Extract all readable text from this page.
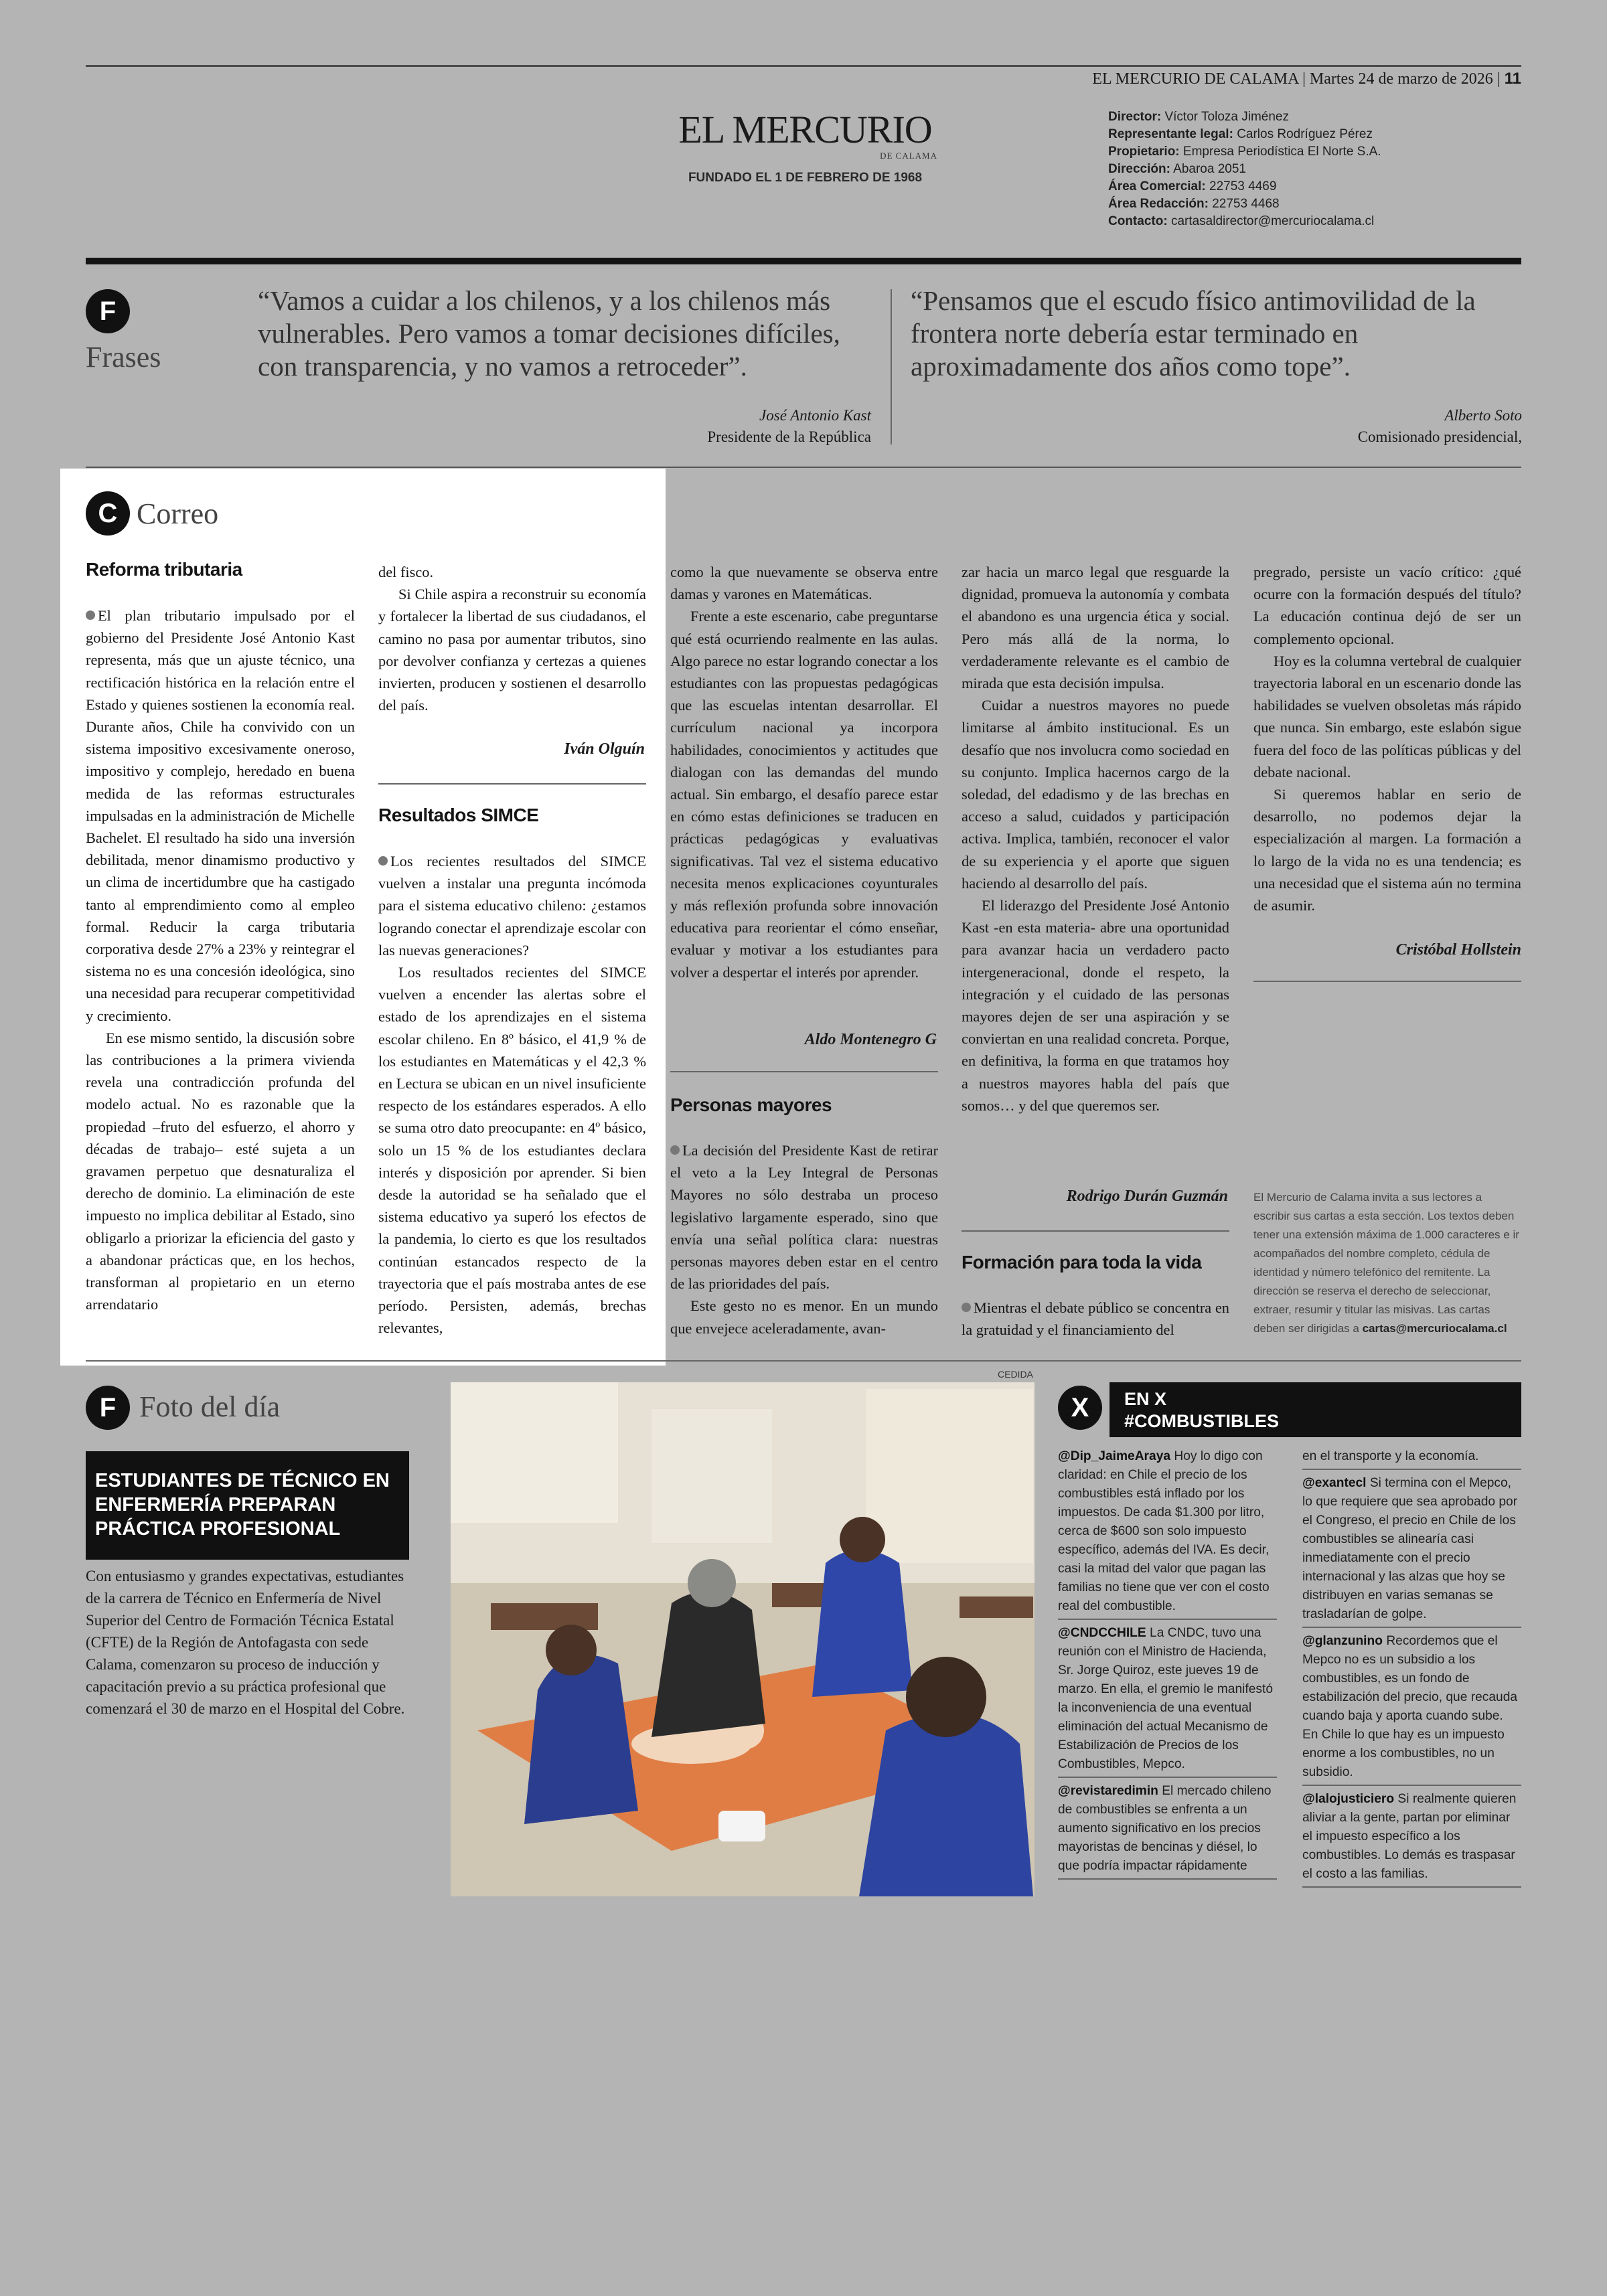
EL MERCURIO DE CALAMA | Martes 24 de marzo de 2026 | 11
EL MERCURIO
DE CALAMA
FUNDADO EL 1 DE FEBRERO DE 1968
Director: Víctor Toloza Jiménez
Representante legal: Carlos Rodríguez Pérez
Propietario: Empresa Periodística El Norte S.A.
Dirección: Abaroa 2051
Área Comercial: 22753 4469
Área Redacción: 22753 4468
Contacto: cartasaldirector@mercuriocalama.cl
F
Frases
“Vamos a cuidar a los chilenos, y a los chilenos más vulnerables. Pero vamos a tomar decisiones difíciles, con transparencia, y no vamos a retroceder”.
José Antonio Kast
Presidente de la República
“Pensamos que el escudo físico antimovilidad de la frontera norte debería estar terminado en aproximadamente dos años como tope”.
Alberto Soto
Comisionado presidencial,
C Correo
Reforma tributaria

El plan tributario impulsado por el gobierno del Presidente José Antonio Kast representa, más que un ajuste técnico, una rectificación histórica en la relación entre el Estado y quienes sostienen la economía real. Durante años, Chile ha convivido con un sistema impositivo excesivamente oneroso, impositivo y complejo, heredado en buena medida de las reformas estructurales impulsadas en la administración de Michelle Bachelet. El resultado ha sido una inversión debilitada, menor dinamismo productivo y un clima de incertidumbre que ha castigado tanto al emprendimiento como al empleo formal. Reducir la carga tributaria corporativa desde 27% a 23% y reintegrar el sistema no es una concesión ideológica, sino una necesidad para recuperar competitividad y crecimiento.

En ese mismo sentido, la discusión sobre las contribuciones a la primera vivienda revela una contradicción profunda del modelo actual. No es razonable que la propiedad –fruto del esfuerzo, el ahorro y décadas de trabajo– esté sujeta a un gravamen perpetuo que desnaturaliza el derecho de dominio. La eliminación de este impuesto no implica debilitar al Estado, sino obligarlo a priorizar la eficiencia del gasto y a abandonar prácticas que, en los hechos, transforman al propietario en un eterno arrendatario

del fisco.

Si Chile aspira a reconstruir su economía y fortalecer la libertad de sus ciudadanos, el camino no pasa por aumentar tributos, sino por devolver confianza y certezas a quienes invierten, producen y sostienen el desarrollo del país.

Iván Olguín
Resultados SIMCE

Los recientes resultados del SIMCE vuelven a instalar una pregunta incómoda para el sistema educativo chileno: ¿estamos logrando conectar el aprendizaje escolar con las nuevas generaciones?

Los resultados recientes del SIMCE vuelven a encender las alertas sobre el estado de los aprendizajes en el sistema escolar chileno. En 8º básico, el 41,9 % de los estudiantes en Matemáticas y el 42,3 % en Lectura se ubican en un nivel insuficiente respecto de los estándares esperados. A ello se suma otro dato preocupante: en 4º básico, solo un 15 % de los estudiantes declara interés y disposición por aprender. Si bien desde la autoridad se ha señalado que el sistema educativo ya superó los efectos de la pandemia, lo cierto es que los resultados continúan estancados respecto de la trayectoria que el país mostraba antes de ese período. Persisten, además, brechas relevantes,

como la que nuevamente se observa entre damas y varones en Matemáticas.

Frente a este escenario, cabe preguntarse qué está ocurriendo realmente en las aulas. Algo parece no estar logrando conectar a los estudiantes con las propuestas pedagógicas que las escuelas intentan desarrollar. El currículum nacional ya incorpora habilidades, conocimientos y actitudes que dialogan con las demandas del mundo actual. Sin embargo, el desafío parece estar en cómo estas definiciones se traducen en prácticas pedagógicas y evaluativas significativas. Tal vez el sistema educativo necesita menos explicaciones coyunturales y más reflexión profunda sobre innovación educativa para reorientar el cómo enseñar, evaluar y motivar a los estudiantes para volver a despertar el interés por aprender.

Aldo Montenegro G
Personas mayores

La decisión del Presidente Kast de retirar el veto a la Ley Integral de Personas Mayores no sólo destraba un proceso legislativo largamente esperado, sino que envía una señal política clara: nuestras personas mayores deben estar en el centro de las prioridades del país.

Este gesto no es menor. En un mundo que envejece aceleradamente, avan-

zar hacia un marco legal que resguarde la dignidad, promueva la autonomía y combata el abandono es una urgencia ética y social. Pero más allá de la norma, lo verdaderamente relevante es el cambio de mirada que esta decisión impulsa.

Cuidar a nuestros mayores no puede limitarse al ámbito institucional. Es un desafío que nos involucra como sociedad en su conjunto. Implica hacernos cargo de la soledad, del edadismo y de las brechas en acceso a salud, cuidados y participación activa. Implica, también, reconocer el valor de su experiencia y el aporte que siguen haciendo al desarrollo del país.

El liderazgo del Presidente José Antonio Kast -en esta materia- abre una oportunidad para avanzar hacia un verdadero pacto intergeneracional, donde el respeto, la integración y el cuidado de las personas mayores dejen de ser una aspiración y se conviertan en una realidad concreta. Porque, en definitiva, la forma en que tratamos hoy a nuestros mayores habla del país que somos… y del que queremos ser.

Rodrigo Durán Guzmán
Formación para toda la vida

Mientras el debate público se concentra en la gratuidad y el financiamiento del

pregrado, persiste un vacío crítico: ¿qué ocurre con la formación después del título? La educación continua dejó de ser un complemento opcional.

Hoy es la columna vertebral de cualquier trayectoria laboral en un escenario donde las habilidades se vuelven obsoletas más rápido que nunca. Sin embargo, este eslabón sigue fuera del foco de las políticas públicas y del debate nacional.

Si queremos hablar en serio de desarrollo, no podemos dejar la especialización al margen. La formación a lo largo de la vida no es una tendencia; es una necesidad que el sistema aún no termina de asumir.

Cristóbal Hollstein
El Mercurio de Calama invita a sus lectores a escribir sus cartas a esta sección. Los textos deben tener una extensión máxima de 1.000 caracteres e ir acompañados del nombre completo, cédula de identidad y número telefónico del remitente. La dirección se reserva el derecho de seleccionar, extraer, resumir y titular las misivas. Las cartas deben ser dirigidas a cartas@mercuriocalama.cl
F Foto del día
ESTUDIANTES DE TÉCNICO EN ENFERMERÍA PREPARAN PRÁCTICA PROFESIONAL
Con entusiasmo y grandes expectativas, estudiantes de la carrera de Técnico en Enfermería de Nivel Superior del Centro de Formación Técnica Estatal (CFTE) de la Región de Antofagasta con sede Calama, comenzaron su proceso de inducción y capacitación previo a su práctica profesional que comenzará el 30 de marzo en el Hospital del Cobre.
CEDIDA
X	EN X
#COMBUSTIBLES
@Dip_JaimeAraya Hoy lo digo con claridad: en Chile el precio de los combustibles está inflado por los impuestos. De cada $1.300 por litro, cerca de $600 son solo impuesto específico, además del IVA. Es decir, casi la mitad del valor que pagan las familias no tiene que ver con el costo real del combustible.
@CNDCCHILE La CNDC, tuvo una reunión con el Ministro de Hacienda, Sr. Jorge Quiroz, este jueves 19 de marzo. En ella, el gremio le manifestó la inconveniencia de una eventual eliminación del actual Mecanismo de Estabilización de Precios de los Combustibles, Mepco.
@revistaredimin El mercado chileno de combustibles se enfrenta a un aumento significativo en los precios mayoristas de bencinas y diésel, lo que podría impactar rápidamente
en el transporte y la economía.
@exantecl Si termina con el Mepco, lo que requiere que sea aprobado por el Congreso, el precio en Chile de los combustibles se alinearía casi inmediatamente con el precio internacional y las alzas que hoy se distribuyen en varias semanas se trasladarían de golpe.
@glanzunino Recordemos que el Mepco no es un subsidio a los combustibles, es un fondo de estabilización del precio, que recauda cuando baja y aporta cuando sube. En Chile lo que hay es un impuesto enorme a los combustibles, no un subsidio.
@lalojusticiero Si realmente quieren aliviar a la gente, partan por eliminar el impuesto específico a los combustibles. Lo demás es traspasar el costo a las familias.
